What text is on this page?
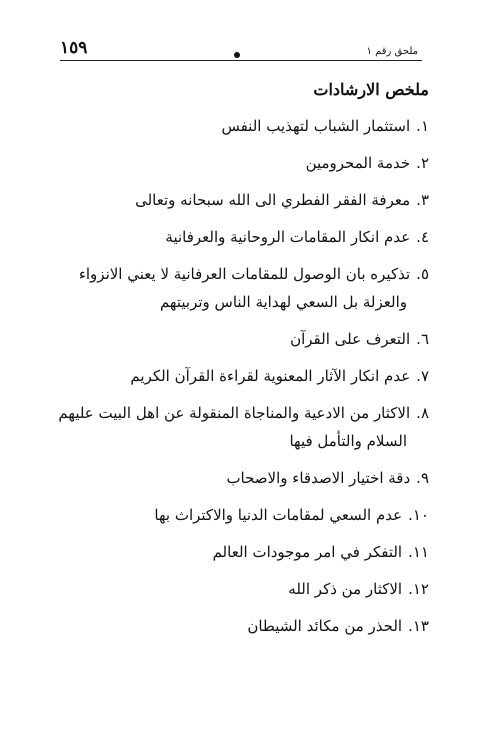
١٥٩	ملحق رقم ١
ملخص الارشادات
١.استثمار الشباب لتهذيب النفس
٢.خدمة المحرومين
٣.معرفة الفقر الفطري الى الله سبحانه وتعالى
٤.عدم انكار المقامات الروحانية والعرفانية
٥.تذكيره بان الوصول للمقامات العرفانية لا يعني الانزواء
والعزلة بل السعي لهداية الناس وتربيتهم
٦.التعرف على القرآن
٧.عدم انكار الآثار المعنوية لقراءة القرآن الكريم
٨.الاكثار من الادعية والمناجاة المنقولة عن اهل البيت عليهم
السلام والتأمل فيها
٩.دقة اختيار الاصدقاء والاصحاب
١٠.عدم السعي لمقامات الدنيا والاكتراث بها
١١.التفكر في امر موجودات العالم
١٢.الاكثار من ذكر الله
١٣.الحذر من مكائد الشيطان
